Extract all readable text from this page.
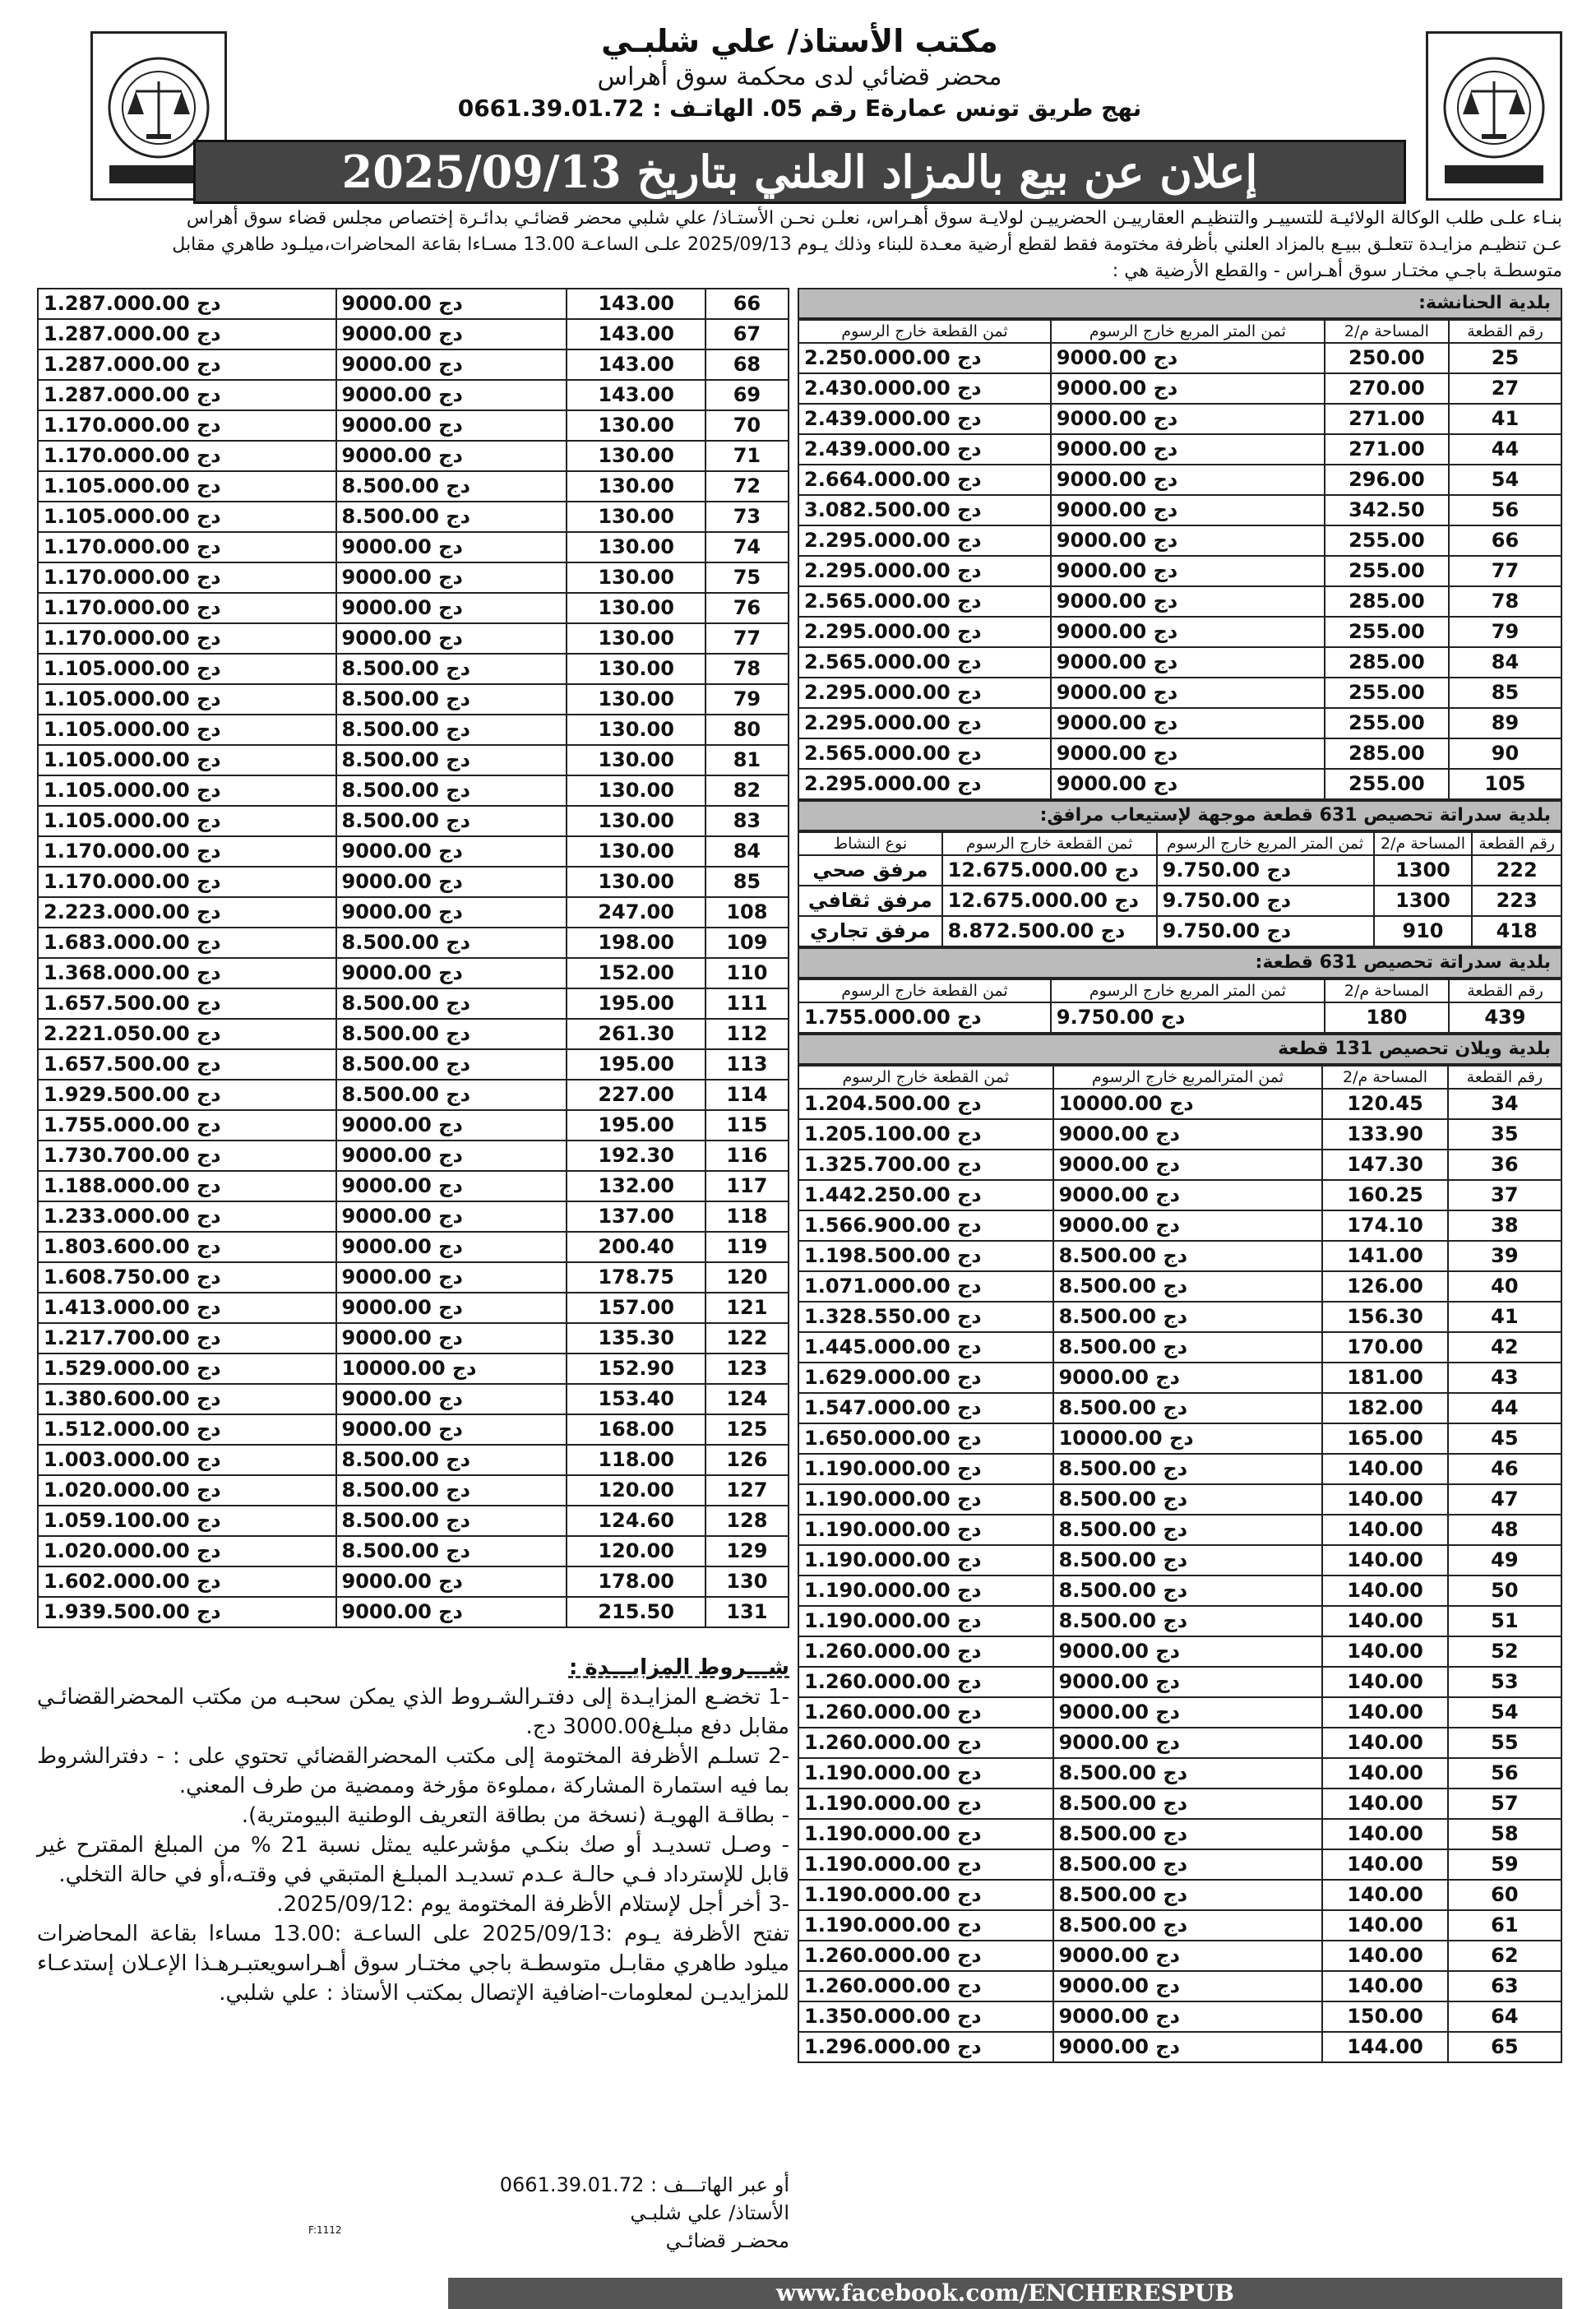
مكتب الأستاذ/ علي شلبـي
محضر قضائي لدى محكمة سوق أهراس
نهج طريق تونس عمارةE رقم 05. الهاتـف : 0661.39.01.72
إعلان عن بيع بالمزاد العلني بتاريخ 2025/09/13
بنـاء علـى طلب الوكالة الولائيـة للتسييـر والتنظيـم العقارييـن الحضرييـن لولايـة سوق أهـراس، نعلـن نحـن الأستـاذ/ علي شلبي محضر قضائـي بدائـرة إختصاص مجلس قضاء سوق أهراس
عـن تنظيـم مزايـدة تتعلـق ببيـع بالمزاد العلني بأظرفة مختومة فقط لقطع أرضية معـدة للبناء وذلك يـوم 2025/09/13 علـى الساعـة 13.00 مسـاءا بقاعة المحاضرات،ميلـود طاهري مقابل
متوسطـة باجـي مختـار سوق أهـراس - والقطع الأرضية هي :
بلدية الحنانشة:
رقم القطعة	المساحة م/2	ثمن المتر المربع خارج الرسوم	ثمن القطعة خارج الرسوم
25	250.00	9000.00 دج	2.250.000.00 دج
27	270.00	9000.00 دج	2.430.000.00 دج
41	271.00	9000.00 دج	2.439.000.00 دج
44	271.00	9000.00 دج	2.439.000.00 دج
54	296.00	9000.00 دج	2.664.000.00 دج
56	342.50	9000.00 دج	3.082.500.00 دج
66	255.00	9000.00 دج	2.295.000.00 دج
77	255.00	9000.00 دج	2.295.000.00 دج
78	285.00	9000.00 دج	2.565.000.00 دج
79	255.00	9000.00 دج	2.295.000.00 دج
84	285.00	9000.00 دج	2.565.000.00 دج
85	255.00	9000.00 دج	2.295.000.00 دج
89	255.00	9000.00 دج	2.295.000.00 دج
90	285.00	9000.00 دج	2.565.000.00 دج
105	255.00	9000.00 دج	2.295.000.00 دج
بلدية سدراتة تحصيص 631 قطعة موجهة لإستيعاب مرافق:
رقم القطعة	المساحة م/2	ثمن المتر المربع خارج الرسوم	ثمن القطعة خارج الرسوم	نوع النشاط
222	1300	9.750.00 دج	12.675.000.00 دج	مرفق صحي
223	1300	9.750.00 دج	12.675.000.00 دج	مرفق ثقافي
418	910	9.750.00 دج	8.872.500.00 دج	مرفق تجاري
بلدية سدراتة تحصيص 631 قطعة:
رقم القطعة	المساحة م/2	ثمن المتر المربع خارج الرسوم	ثمن القطعة خارج الرسوم
439	180	9.750.00 دج	1.755.000.00 دج
بلدية ويلان تحصيص 131 قطعة
رقم القطعة	المساحة م/2	ثمن المترالمربع خارج الرسوم	ثمن القطعة خارج الرسوم
34	120.45	10000.00 دج	1.204.500.00 دج
35	133.90	9000.00 دج	1.205.100.00 دج
36	147.30	9000.00 دج	1.325.700.00 دج
37	160.25	9000.00 دج	1.442.250.00 دج
38	174.10	9000.00 دج	1.566.900.00 دج
39	141.00	8.500.00 دج	1.198.500.00 دج
40	126.00	8.500.00 دج	1.071.000.00 دج
41	156.30	8.500.00 دج	1.328.550.00 دج
42	170.00	8.500.00 دج	1.445.000.00 دج
43	181.00	9000.00 دج	1.629.000.00 دج
44	182.00	8.500.00 دج	1.547.000.00 دج
45	165.00	10000.00 دج	1.650.000.00 دج
46	140.00	8.500.00 دج	1.190.000.00 دج
47	140.00	8.500.00 دج	1.190.000.00 دج
48	140.00	8.500.00 دج	1.190.000.00 دج
49	140.00	8.500.00 دج	1.190.000.00 دج
50	140.00	8.500.00 دج	1.190.000.00 دج
51	140.00	8.500.00 دج	1.190.000.00 دج
52	140.00	9000.00 دج	1.260.000.00 دج
53	140.00	9000.00 دج	1.260.000.00 دج
54	140.00	9000.00 دج	1.260.000.00 دج
55	140.00	9000.00 دج	1.260.000.00 دج
56	140.00	8.500.00 دج	1.190.000.00 دج
57	140.00	8.500.00 دج	1.190.000.00 دج
58	140.00	8.500.00 دج	1.190.000.00 دج
59	140.00	8.500.00 دج	1.190.000.00 دج
60	140.00	8.500.00 دج	1.190.000.00 دج
61	140.00	8.500.00 دج	1.190.000.00 دج
62	140.00	9000.00 دج	1.260.000.00 دج
63	140.00	9000.00 دج	1.260.000.00 دج
64	150.00	9000.00 دج	1.350.000.00 دج
65	144.00	9000.00 دج	1.296.000.00 دج
66	143.00	9000.00 دج	1.287.000.00 دج
67	143.00	9000.00 دج	1.287.000.00 دج
68	143.00	9000.00 دج	1.287.000.00 دج
69	143.00	9000.00 دج	1.287.000.00 دج
70	130.00	9000.00 دج	1.170.000.00 دج
71	130.00	9000.00 دج	1.170.000.00 دج
72	130.00	8.500.00 دج	1.105.000.00 دج
73	130.00	8.500.00 دج	1.105.000.00 دج
74	130.00	9000.00 دج	1.170.000.00 دج
75	130.00	9000.00 دج	1.170.000.00 دج
76	130.00	9000.00 دج	1.170.000.00 دج
77	130.00	9000.00 دج	1.170.000.00 دج
78	130.00	8.500.00 دج	1.105.000.00 دج
79	130.00	8.500.00 دج	1.105.000.00 دج
80	130.00	8.500.00 دج	1.105.000.00 دج
81	130.00	8.500.00 دج	1.105.000.00 دج
82	130.00	8.500.00 دج	1.105.000.00 دج
83	130.00	8.500.00 دج	1.105.000.00 دج
84	130.00	9000.00 دج	1.170.000.00 دج
85	130.00	9000.00 دج	1.170.000.00 دج
108	247.00	9000.00 دج	2.223.000.00 دج
109	198.00	8.500.00 دج	1.683.000.00 دج
110	152.00	9000.00 دج	1.368.000.00 دج
111	195.00	8.500.00 دج	1.657.500.00 دج
112	261.30	8.500.00 دج	2.221.050.00 دج
113	195.00	8.500.00 دج	1.657.500.00 دج
114	227.00	8.500.00 دج	1.929.500.00 دج
115	195.00	9000.00 دج	1.755.000.00 دج
116	192.30	9000.00 دج	1.730.700.00 دج
117	132.00	9000.00 دج	1.188.000.00 دج
118	137.00	9000.00 دج	1.233.000.00 دج
119	200.40	9000.00 دج	1.803.600.00 دج
120	178.75	9000.00 دج	1.608.750.00 دج
121	157.00	9000.00 دج	1.413.000.00 دج
122	135.30	9000.00 دج	1.217.700.00 دج
123	152.90	10000.00 دج	1.529.000.00 دج
124	153.40	9000.00 دج	1.380.600.00 دج
125	168.00	9000.00 دج	1.512.000.00 دج
126	118.00	8.500.00 دج	1.003.000.00 دج
127	120.00	8.500.00 دج	1.020.000.00 دج
128	124.60	8.500.00 دج	1.059.100.00 دج
129	120.00	8.500.00 دج	1.020.000.00 دج
130	178.00	9000.00 دج	1.602.000.00 دج
131	215.50	9000.00 دج	1.939.500.00 دج
شـــروط المزايـــدة :
-1 تخضـع المزايـدة إلى دفتـرالشـروط الذي يمكن سحبـه من مكتب المحضرالقضائـي مقابل دفع مبلـغ3000.00 دج.
-2 تسلـم الأظرفة المختومة إلى مكتب المحضرالقضائي تحتوي على : - دفترالشروط بما فيه استمارة المشاركة ،مملوءة مؤرخة وممضية من طرف المعني.
- بطاقـة الهويـة (نسخة من بطاقة التعريف الوطنية البيومترية).
- وصـل تسديـد أو صك بنكـي مؤشرعليه يمثل نسبة 21 % من المبلغ المقترح غير قابل للإسترداد فـي حالـة عـدم تسديـد المبلـغ المتبقي في وقتـه،أو في حالة التخلي.
-3 أخر أجل لإستلام الأظرفة المختومة يوم :2025/09/12.
تفتح الأظرفة يـوم :2025/09/13 على الساعـة :13.00 مساءا بقاعة المحاضرات ميلود طاهري مقابـل متوسطـة باجي مختـار سوق أهـراسويعتبـرهـذا الإعـلان إستدعـاء للمزايديـن لمعلومات-اضافية الإتصال بمكتب الأستاذ : علي شلبي.
أو عبر الهاتـــف : 0661.39.01.72
الأستاذ/ علي شلبـي
محضـر قضائـي
F:1112
www.facebook.com/ENCHERESPUB
